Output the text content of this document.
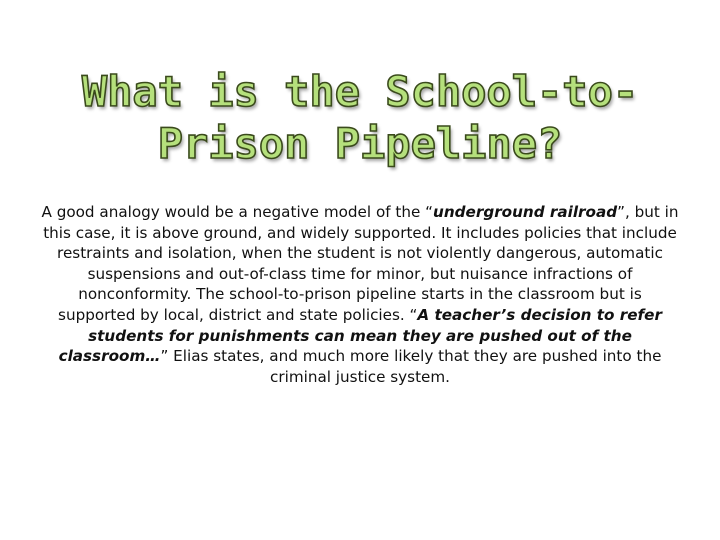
What is the School-to-
Prison Pipeline?

A good analogy would be a negative model of the “underground railroad”, but in this case, it is above ground, and widely supported. It includes policies that include restraints and isolation, when the student is not violently dangerous, automatic suspensions and out-of-class time for minor, but nuisance infractions of nonconformity. The school-to-prison pipeline starts in the classroom but is supported by local, district and state policies. “A teacher’s decision to refer students for punishments can mean they are pushed out of the classroom…” Elias states, and much more likely that they are pushed into the criminal justice system.
